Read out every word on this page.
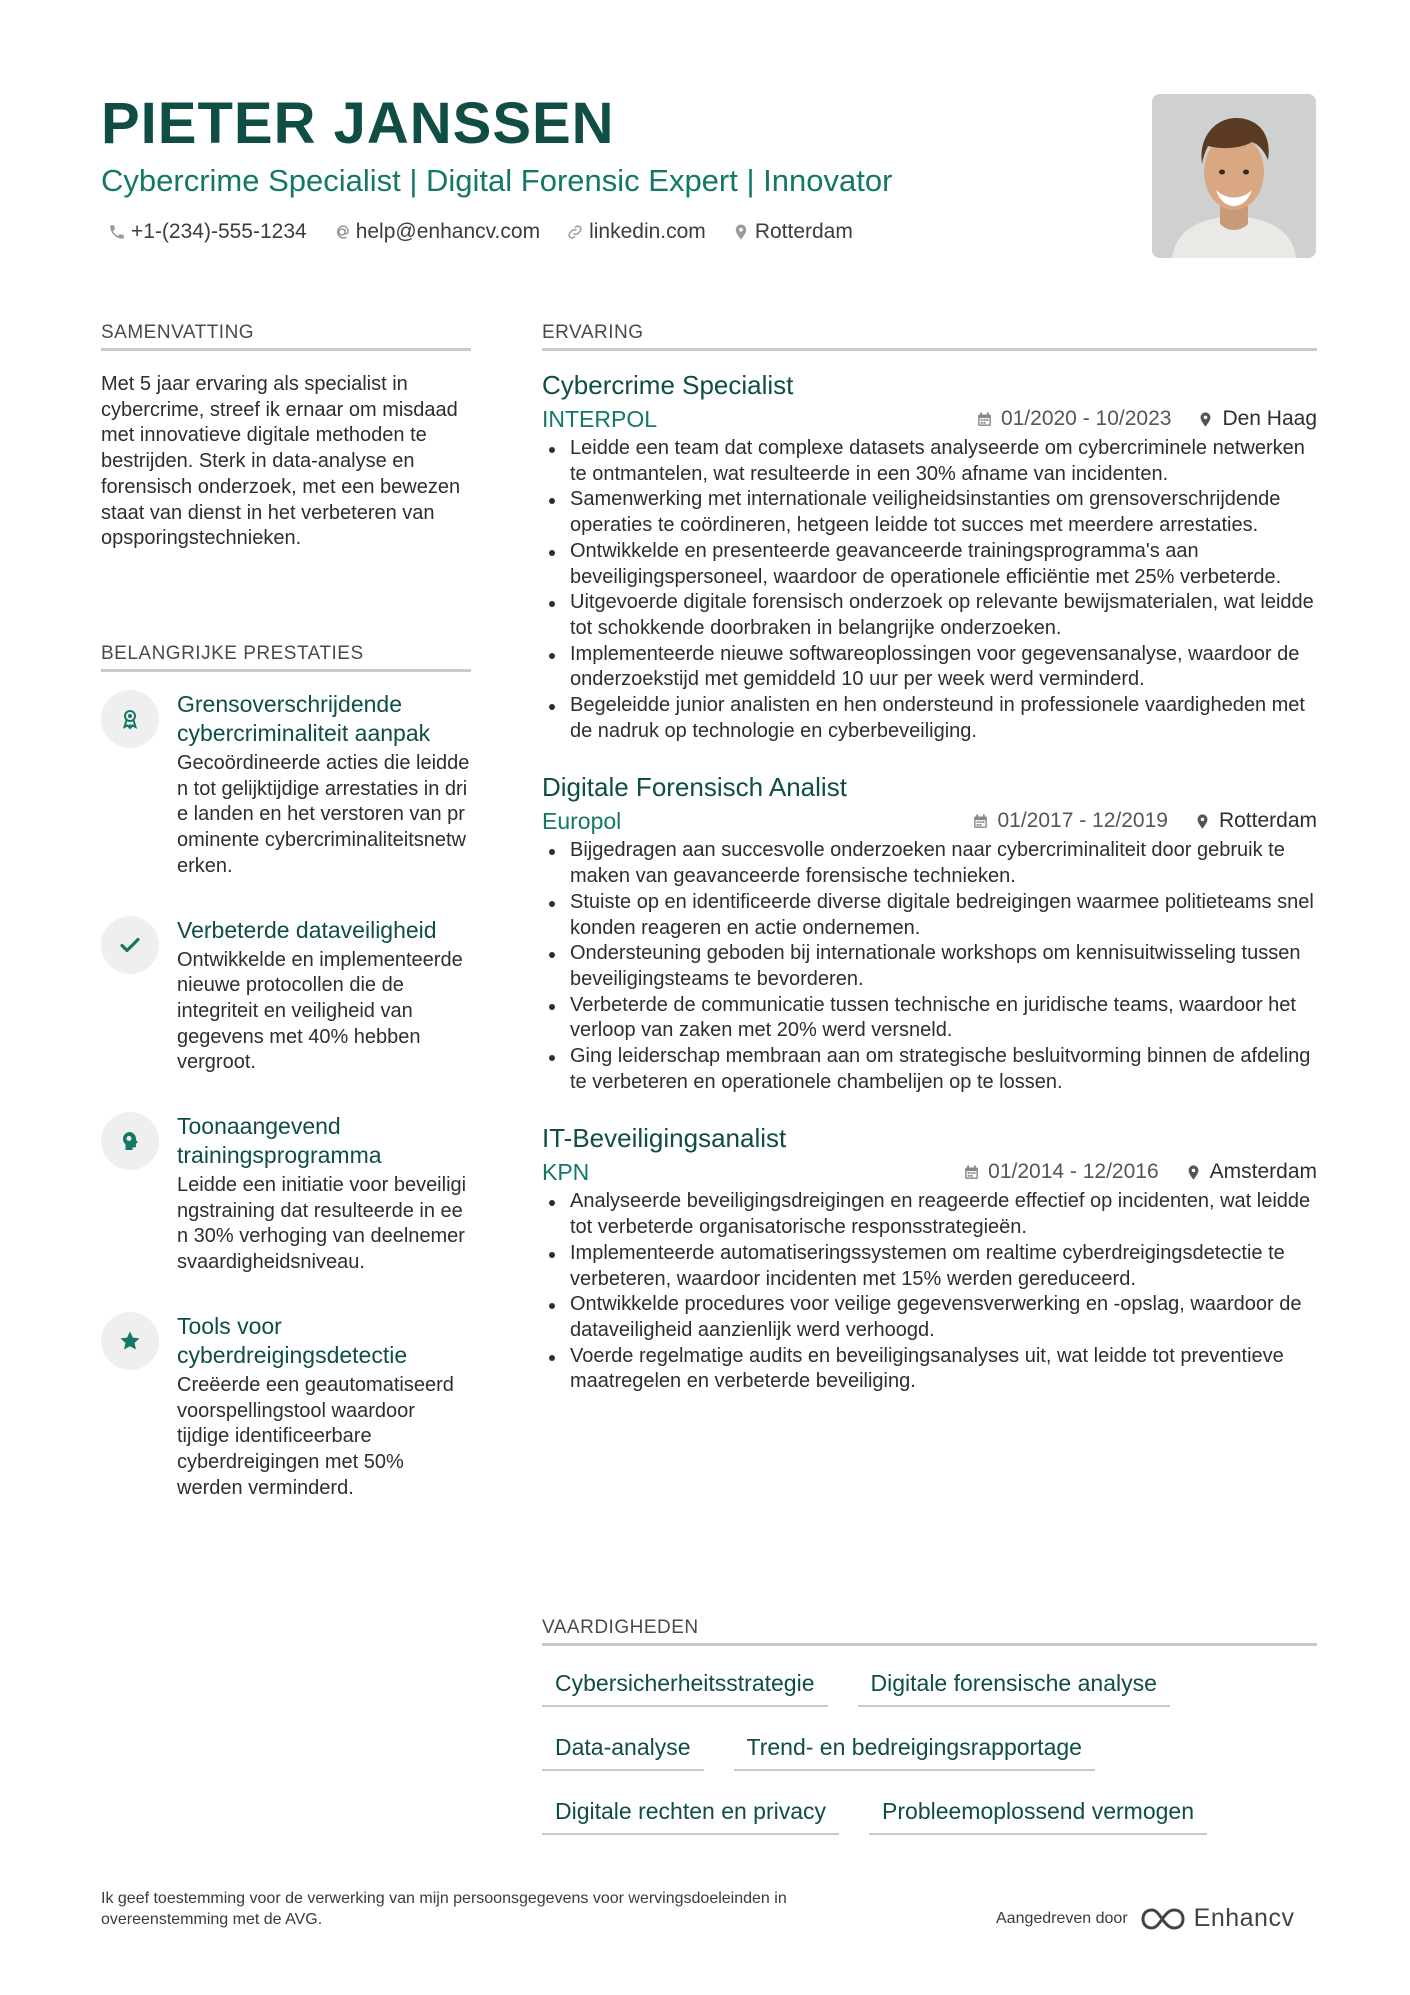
PIETER JANSSEN
Cybercrime Specialist | Digital Forensic Expert | Innovator
+1-(234)-555-1234 help@enhancv.com linkedin.com Rotterdam
SAMENVATTING

Met 5 jaar ervaring als specialist in cybercrime, streef ik ernaar om misdaad met innovatieve digitale methoden te bestrijden. Sterk in data-analyse en forensisch onderzoek, met een bewezen staat van dienst in het verbeteren van opsporingstechnieken.

BELANGRIJKE PRESTATIES
Grensoverschrijdende cybercriminaliteit aanpak
Gecoördineerde acties die leidden tot gelijktijdige arrestaties in drie landen en het verstoren van prominente cybercriminaliteitsnetwerken.
Verbeterde dataveiligheid
Ontwikkelde en implementeerde nieuwe protocollen die de integriteit en veiligheid van gegevens met 40% hebben vergroot.
Toonaangevend trainingsprogramma
Leidde een initiatie voor beveiligingstraining dat resulteerde in een 30% verhoging van deelnemersvaardigheidsniveau.
Tools voor cyberdreigingsdetectie
Creëerde een geautomatiseerd voorspellingstool waardoor tijdige identificeerbare cyberdreigingen met 50% werden verminderd.
ERVARING
Cybercrime Specialist
INTERPOL	01/2020 - 10/2023 Den Haag
Leidde een team dat complexe datasets analyseerde om cybercriminele netwerken te ontmantelen, wat resulteerde in een 30% afname van incidenten.
Samenwerking met internationale veiligheidsinstanties om grensoverschrijdende operaties te coördineren, hetgeen leidde tot succes met meerdere arrestaties.
Ontwikkelde en presenteerde geavanceerde trainingsprogramma's aan beveiligingspersoneel, waardoor de operationele efficiëntie met 25% verbeterde.
Uitgevoerde digitale forensisch onderzoek op relevante bewijsmaterialen, wat leidde tot schokkende doorbraken in belangrijke onderzoeken.
Implementeerde nieuwe softwareoplossingen voor gegevensanalyse, waardoor de onderzoekstijd met gemiddeld 10 uur per week werd verminderd.
Begeleidde junior analisten en hen ondersteund in professionele vaardigheden met de nadruk op technologie en cyberbeveiliging.
Digitale Forensisch Analist
Europol	01/2017 - 12/2019 Rotterdam
Bijgedragen aan succesvolle onderzoeken naar cybercriminaliteit door gebruik te maken van geavanceerde forensische technieken.
Stuiste op en identificeerde diverse digitale bedreigingen waarmee politieteams snel konden reageren en actie ondernemen.
Ondersteuning geboden bij internationale workshops om kennisuitwisseling tussen beveiligingsteams te bevorderen.
Verbeterde de communicatie tussen technische en juridische teams, waardoor het verloop van zaken met 20% werd versneld.
Ging leiderschap membraan aan om strategische besluitvorming binnen de afdeling te verbeteren en operationele chambelijen op te lossen.
IT-Beveiligingsanalist
KPN	01/2014 - 12/2016 Amsterdam
Analyseerde beveiligingsdreigingen en reageerde effectief op incidenten, wat leidde tot verbeterde organisatorische responsstrategieën.
Implementeerde automatiseringssystemen om realtime cyberdreigingsdetectie te verbeteren, waardoor incidenten met 15% werden gereduceerd.
Ontwikkelde procedures voor veilige gegevensverwerking en -opslag, waardoor de dataveiligheid aanzienlijk werd verhoogd.
Voerde regelmatige audits en beveiligingsanalyses uit, wat leidde tot preventieve maatregelen en verbeterde beveiliging.
VAARDIGHEDEN
Cybersicherheitsstrategie	Digitale forensische analyse
Data-analyse	Trend- en bedreigingsrapportage
Digitale rechten en privacy	Probleemoplossend vermogen
Ik geef toestemming voor de verwerking van mijn persoonsgegevens voor wervingsdoeleinden in overeenstemming met de AVG.	Aangedreven door	Enhancv
